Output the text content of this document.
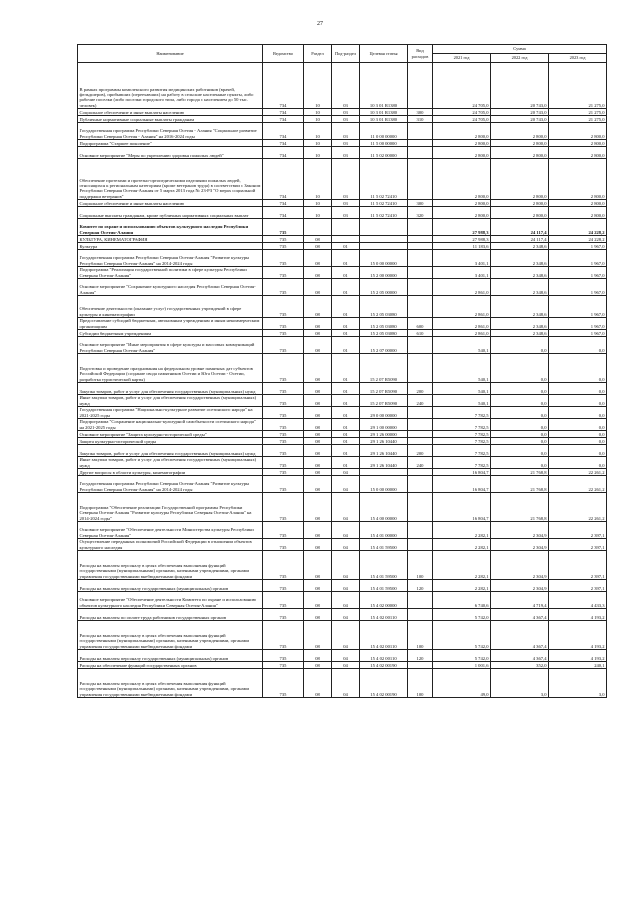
27
Наименование	Ведомство	Раздел	Под-раздел	Целевая статья	Вид расходов	Сумма		
						2021 год	2022 год	2023 год
В рамках программы комплексного развития медицинских работников (врачей, фельдшеров), прибывших (переехавших) на работу в сельские населенные пункты, либо рабочие поселки (либо поселки городского типа, либо города с населением до 50 тыс. человек)	734	10	03	10 3 01 R1380		24 705,0	20 743,0	21 275,0
Социальное обеспечение и иные выплаты населению	734	10	03	10 3 01 R1380	300	24 705,0	20 743,0	21 275,0
Публичные нормативные социальные выплаты гражданам	734	10	03	10 3 01 R1380	310	24 705,0	20 743,0	21 275,0
Государственная программа Республики Северная Осетия - Алания "Социальное развитие Республики Северная Осетия - Алания" на 2016-2024 годы	734	10	03	11 0 00 00000		2 800,0	2 800,0	2 800,0
Подпрограмма "Старшее поколение"	734	10	03	11 5 00 00000		2 800,0	2 800,0	2 800,0
Основное мероприятие "Меры по укреплению здоровья пожилых людей"	734	10	03	11 5 02 00000		2 800,0	2 800,0	2 800,0
Обеспечение протезами и протезно-ортопедическими изделиями пожилых людей, относящихся к региональным категориям (кроме ветеранов труда) в соответствии с Законом Республики Северная Осетия-Алания от 5 марта 2013 года № 23-РЗ "О мерах социальной поддержки ветеранов"	734	10	03	11 5 02 72410		2 800,0	2 800,0	2 800,0
Социальное обеспечение и иные выплаты населению	734	10	03	11 5 02 72410	300	2 800,0	2 800,0	2 800,0
Социальные выплаты гражданам, кроме публичных нормативных социальных выплат	734	10	03	11 5 02 72410	320	2 800,0	2 800,0	2 800,0
Комитет по охране и использованию объектов культурного наследия Республики Северная Осетия-Алания	735					27 988,3	24 117,4	24 228,2
КУЛЬТУРА, КИНЕМАТОГРАФИЯ	735	08				27 988,3	24 117,4	24 228,2
Культура	735	08	01			11 183,6	2 348,6	1 967,0
Государственная программа Республики Северная Осетия-Алания "Развитие культуры Республики Северная Осетия-Алания" на 2014-2024 годы	735	08	01	15 0 00 00000		3 401,1	2 348,6	1 967,0
Подпрограмма "Реализация государственной политики в сфере культуры Республики Северная Осетия-Алания"	735	08	01	15 2 00 00000		3 401,1	2 348,6	1 967,0
Основное мероприятие "Сохранение культурного наследия Республики Северная Осетия-Алания"	735	08	01	15 2 05 00000		2 861,0	2 348,6	1 967,0
Обеспечение деятельности (оказание услуг) государственных учреждений в сфере культуры и кинематографии	735	08	01	15 2 05 03080		2 861,0	2 348,6	1 967,0
Предоставление субсидий бюджетным, автономным учреждениям и иным некоммерческим организациям	735	08	01	15 2 05 03080	600	2 861,0	2 348,6	1 967,0
Субсидии бюджетным учреждениям	735	08	01	15 2 05 03080	610	2 861,0	2 348,6	1 967,0
Основное мероприятие "Иные мероприятия в сфере культуры и массовых коммуникаций Республики Северная Осетия-Алания"	735	08	01	15 2 07 00000		540,1	0,0	0,0
Подготовка и проведение празднования на федеральном уровне памятных дат субъектов Российской Федерации (создание свода памятников Осетии и Юга Осетии - Осетии, разработка туристической карты)	735	08	01	15 2 07 R5090		540,1	0,0	0,0
Закупка товаров, работ и услуг для обеспечения государственных (муниципальных) нужд	735	08	01	15 2 07 R5090	200	540,1	0,0	0,0
Иные закупки товаров, работ и услуг для обеспечения государственных (муниципальных) нужд	735	08	01	15 2 07 R5090	240	540,1	0,0	0,0
Государственная программа "Национально-культурное развитие осетинского народа" на 2021-2025 годы	735	08	01	29 0 00 00000		7 782,5	0,0	0,0
Подпрограмма "Сохранение национально-культурной самобытности осетинского народа" на 2021-2025 годы	735	08	01	29 1 00 00000		7 782,5	0,0	0,0
Основное мероприятие "Защита культурно-исторической среды"	735	08	01	29 1 26 00000		7 782,5	0,0	0,0
Защита культурно-исторической среды	735	08	01	29 1 26 10440		7 782,5	0,0	0,0
Закупка товаров, работ и услуг для обеспечения государственных (муниципальных) нужд	735	08	01	29 1 26 10440	200	7 782,5	0,0	0,0
Иные закупки товаров, работ и услуг для обеспечения государственных (муниципальных) нужд	735	08	01	29 1 26 10440	240	7 782,5	0,0	0,0
Другие вопросы в области культуры, кинематографии	735	08	04			16 804,7	21 768,8	22 261,2
Государственная программа Республики Северная Осетия-Алания "Развитие культуры Республики Северная Осетия-Алания" на 2014-2024 годы	735	08	04	15 0 00 00000		16 804,7	21 768,8	22 261,2
Подпрограмма "Обеспечение реализации Государственной программы Республики Северная Осетия-Алания "Развитие культуры Республики Северная Осетия-Алания" на 2014-2024 годы"	735	08	04	15 4 00 00000		16 804,7	21 768,8	22 261,2
Основное мероприятие "Обеспечение деятельности Министерства культуры Республики Северная Осетия-Алания"	735	08	04	15 4 01 00000		2 282,1	2 304,9	2 397,1
Осуществление переданных полномочий Российской Федерации в отношении объектов культурного наследия	735	08	04	15 4 01 59500		2 282,1	2 304,9	2 397,1
Расходы на выплаты персоналу в целях обеспечения выполнения функций государственными (муниципальными) органами, казенными учреждениями, органами управления государственными внебюджетными фондами	735	08	04	15 4 01 59500	100	2 282,1	2 304,9	2 397,1
Расходы на выплаты персоналу государственных (муниципальных) органов	735	08	04	15 4 01 59500	120	2 282,1	2 304,9	2 397,1
Основное мероприятие "Обеспечение деятельности Комитета по охране и использованию объектов культурного наследия Республики Северная Осетия-Алания"	735	08	04	15 4 02 00000		6 740,6	4 719,4	4 433,3
Расходы на выплаты по оплате труда работников государственных органов	735	08	04	15 4 02 00110		5 742,0	4 367,4	4 193,2
Расходы на выплаты персоналу в целях обеспечения выполнения функций государственными (муниципальными) органами, казенными учреждениями, органами управления государственными внебюджетными фондами	735	08	04	15 4 02 00110	100	5 742,0	4 367,4	4 193,2
Расходы на выплаты персоналу государственных (муниципальных) органов	735	08	04	15 4 02 00110	120	5 742,0	4 367,4	4 193,2
Расходы на обеспечение функций государственных органов	735	08	04	15 4 02 00190		1 001,6	352,0	240,1
Расходы на выплаты персоналу в целях обеспечения выполнения функций государственными (муниципальными) органами, казенными учреждениями, органами управления государственными внебюджетными фондами	735	08	04	15 4 02 00190	100	49,0	3,0	3,0
